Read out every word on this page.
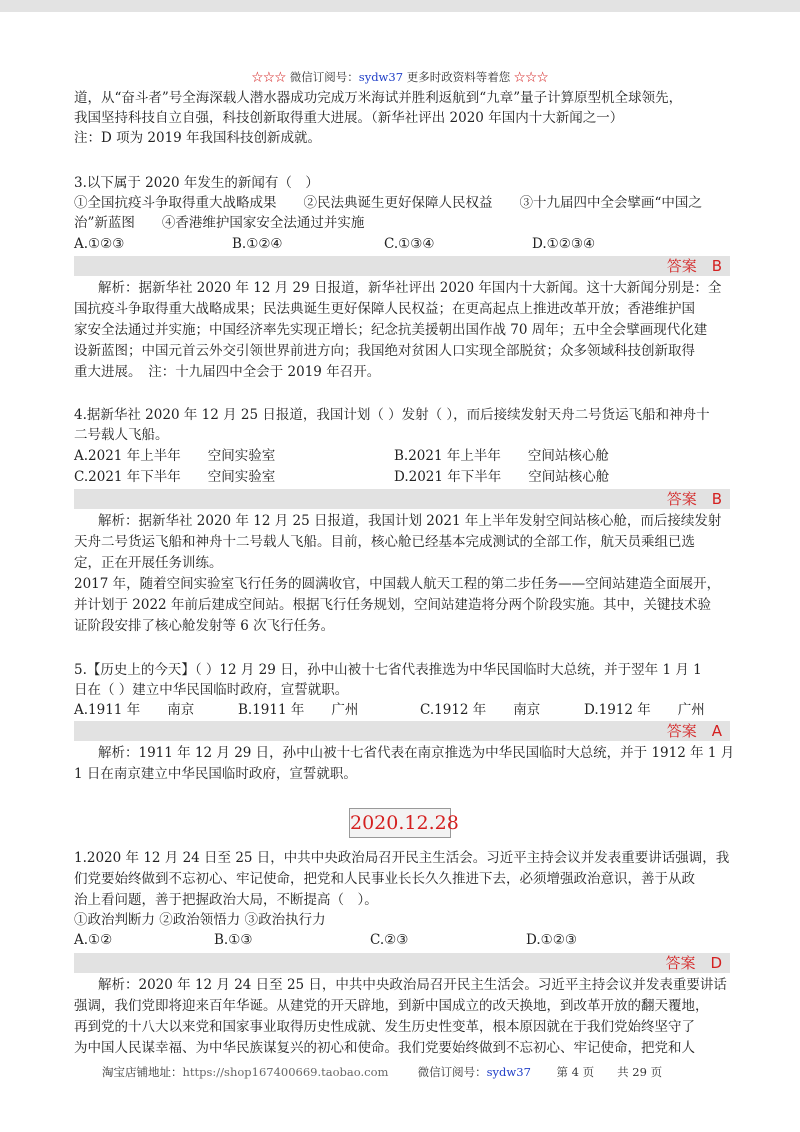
☆☆☆ 微信订阅号：sydw37 更多时政资料等着您 ☆☆☆
道，从“奋斗者”号全海深载人潜水器成功完成万米海试并胜利返航到“九章”量子计算原型机全球领先，
我国坚持科技自立自强，科技创新取得重大进展。（新华社评出 2020 年国内十大新闻之一）
注：D 项为 2019 年我国科技创新成就。
3.以下属于 2020 年发生的新闻有（　）
①全国抗疫斗争取得重大战略成果　　②民法典诞生更好保障人民权益　　③十九届四中全会擘画“中国之
治”新蓝图　　④香港维护国家安全法通过并实施
A.①②③	B.①②④	C.①③④	D.①②③④
答案　B
解析：据新华社 2020 年 12 月 29 日报道，新华社评出 2020 年国内十大新闻。这十大新闻分别是：全
国抗疫斗争取得重大战略成果；民法典诞生更好保障人民权益；在更高起点上推进改革开放；香港维护国
家安全法通过并实施；中国经济率先实现正增长；纪念抗美援朝出国作战 70 周年；五中全会擘画现代化建
设新蓝图；中国元首云外交引领世界前进方向；我国绝对贫困人口实现全部脱贫；众多领域科技创新取得
重大进展。　注：十九届四中全会于 2019 年召开。
4.据新华社 2020 年 12 月 25 日报道，我国计划（ ）发射（ ），而后接续发射天舟二号货运飞船和神舟十
二号载人飞船。
A.2021 年上半年　　空间实验室	B.2021 年上半年　　空间站核心舱
C.2021 年下半年　　空间实验室	D.2021 年下半年　　空间站核心舱
答案　B
解析：据新华社 2020 年 12 月 25 日报道，我国计划 2021 年上半年发射空间站核心舱，而后接续发射
天舟二号货运飞船和神舟十二号载人飞船。目前，核心舱已经基本完成测试的全部工作，航天员乘组已选
定，正在开展任务训练。
2017 年，随着空间实验室飞行任务的圆满收官，中国载人航天工程的第二步任务——空间站建造全面展开，
并计划于 2022 年前后建成空间站。根据飞行任务规划，空间站建造将分两个阶段实施。其中，关键技术验
证阶段安排了核心舱发射等 6 次飞行任务。
5.【历史上的今天】（ ）12 月 29 日，孙中山被十七省代表推选为中华民国临时大总统，并于翌年 1 月 1
日在（ ）建立中华民国临时政府，宣誓就职。
A.1911 年　　南京	B.1911 年　　广州	C.1912 年　　南京	D.1912 年　　广州
答案　A
解析：1911 年 12 月 29 日，孙中山被十七省代表在南京推选为中华民国临时大总统，并于 1912 年 1 月
1 日在南京建立中华民国临时政府，宣誓就职。
2020.12.28
1.2020 年 12 月 24 日至 25 日，中共中央政治局召开民主生活会。习近平主持会议并发表重要讲话强调，我
们党要始终做到不忘初心、牢记使命，把党和人民事业长长久久推进下去，必须增强政治意识，善于从政
治上看问题，善于把握政治大局，不断提高（　）。
①政治判断力 ②政治领悟力 ③政治执行力
A.①②	B.①③	C.②③	D.①②③
答案　D
解析：2020 年 12 月 24 日至 25 日，中共中央政治局召开民主生活会。习近平主持会议并发表重要讲话
强调，我们党即将迎来百年华诞。从建党的开天辟地，到新中国成立的改天换地，到改革开放的翻天覆地，
再到党的十八大以来党和国家事业取得历史性成就、发生历史性变革，根本原因就在于我们党始终坚守了
为中国人民谋幸福、为中华民族谋复兴的初心和使命。我们党要始终做到不忘初心、牢记使命，把党和人
淘宝店铺地址：https://shop167400669.taobao.com	微信订阅号：sydw37 第 4 页　　共 29 页
